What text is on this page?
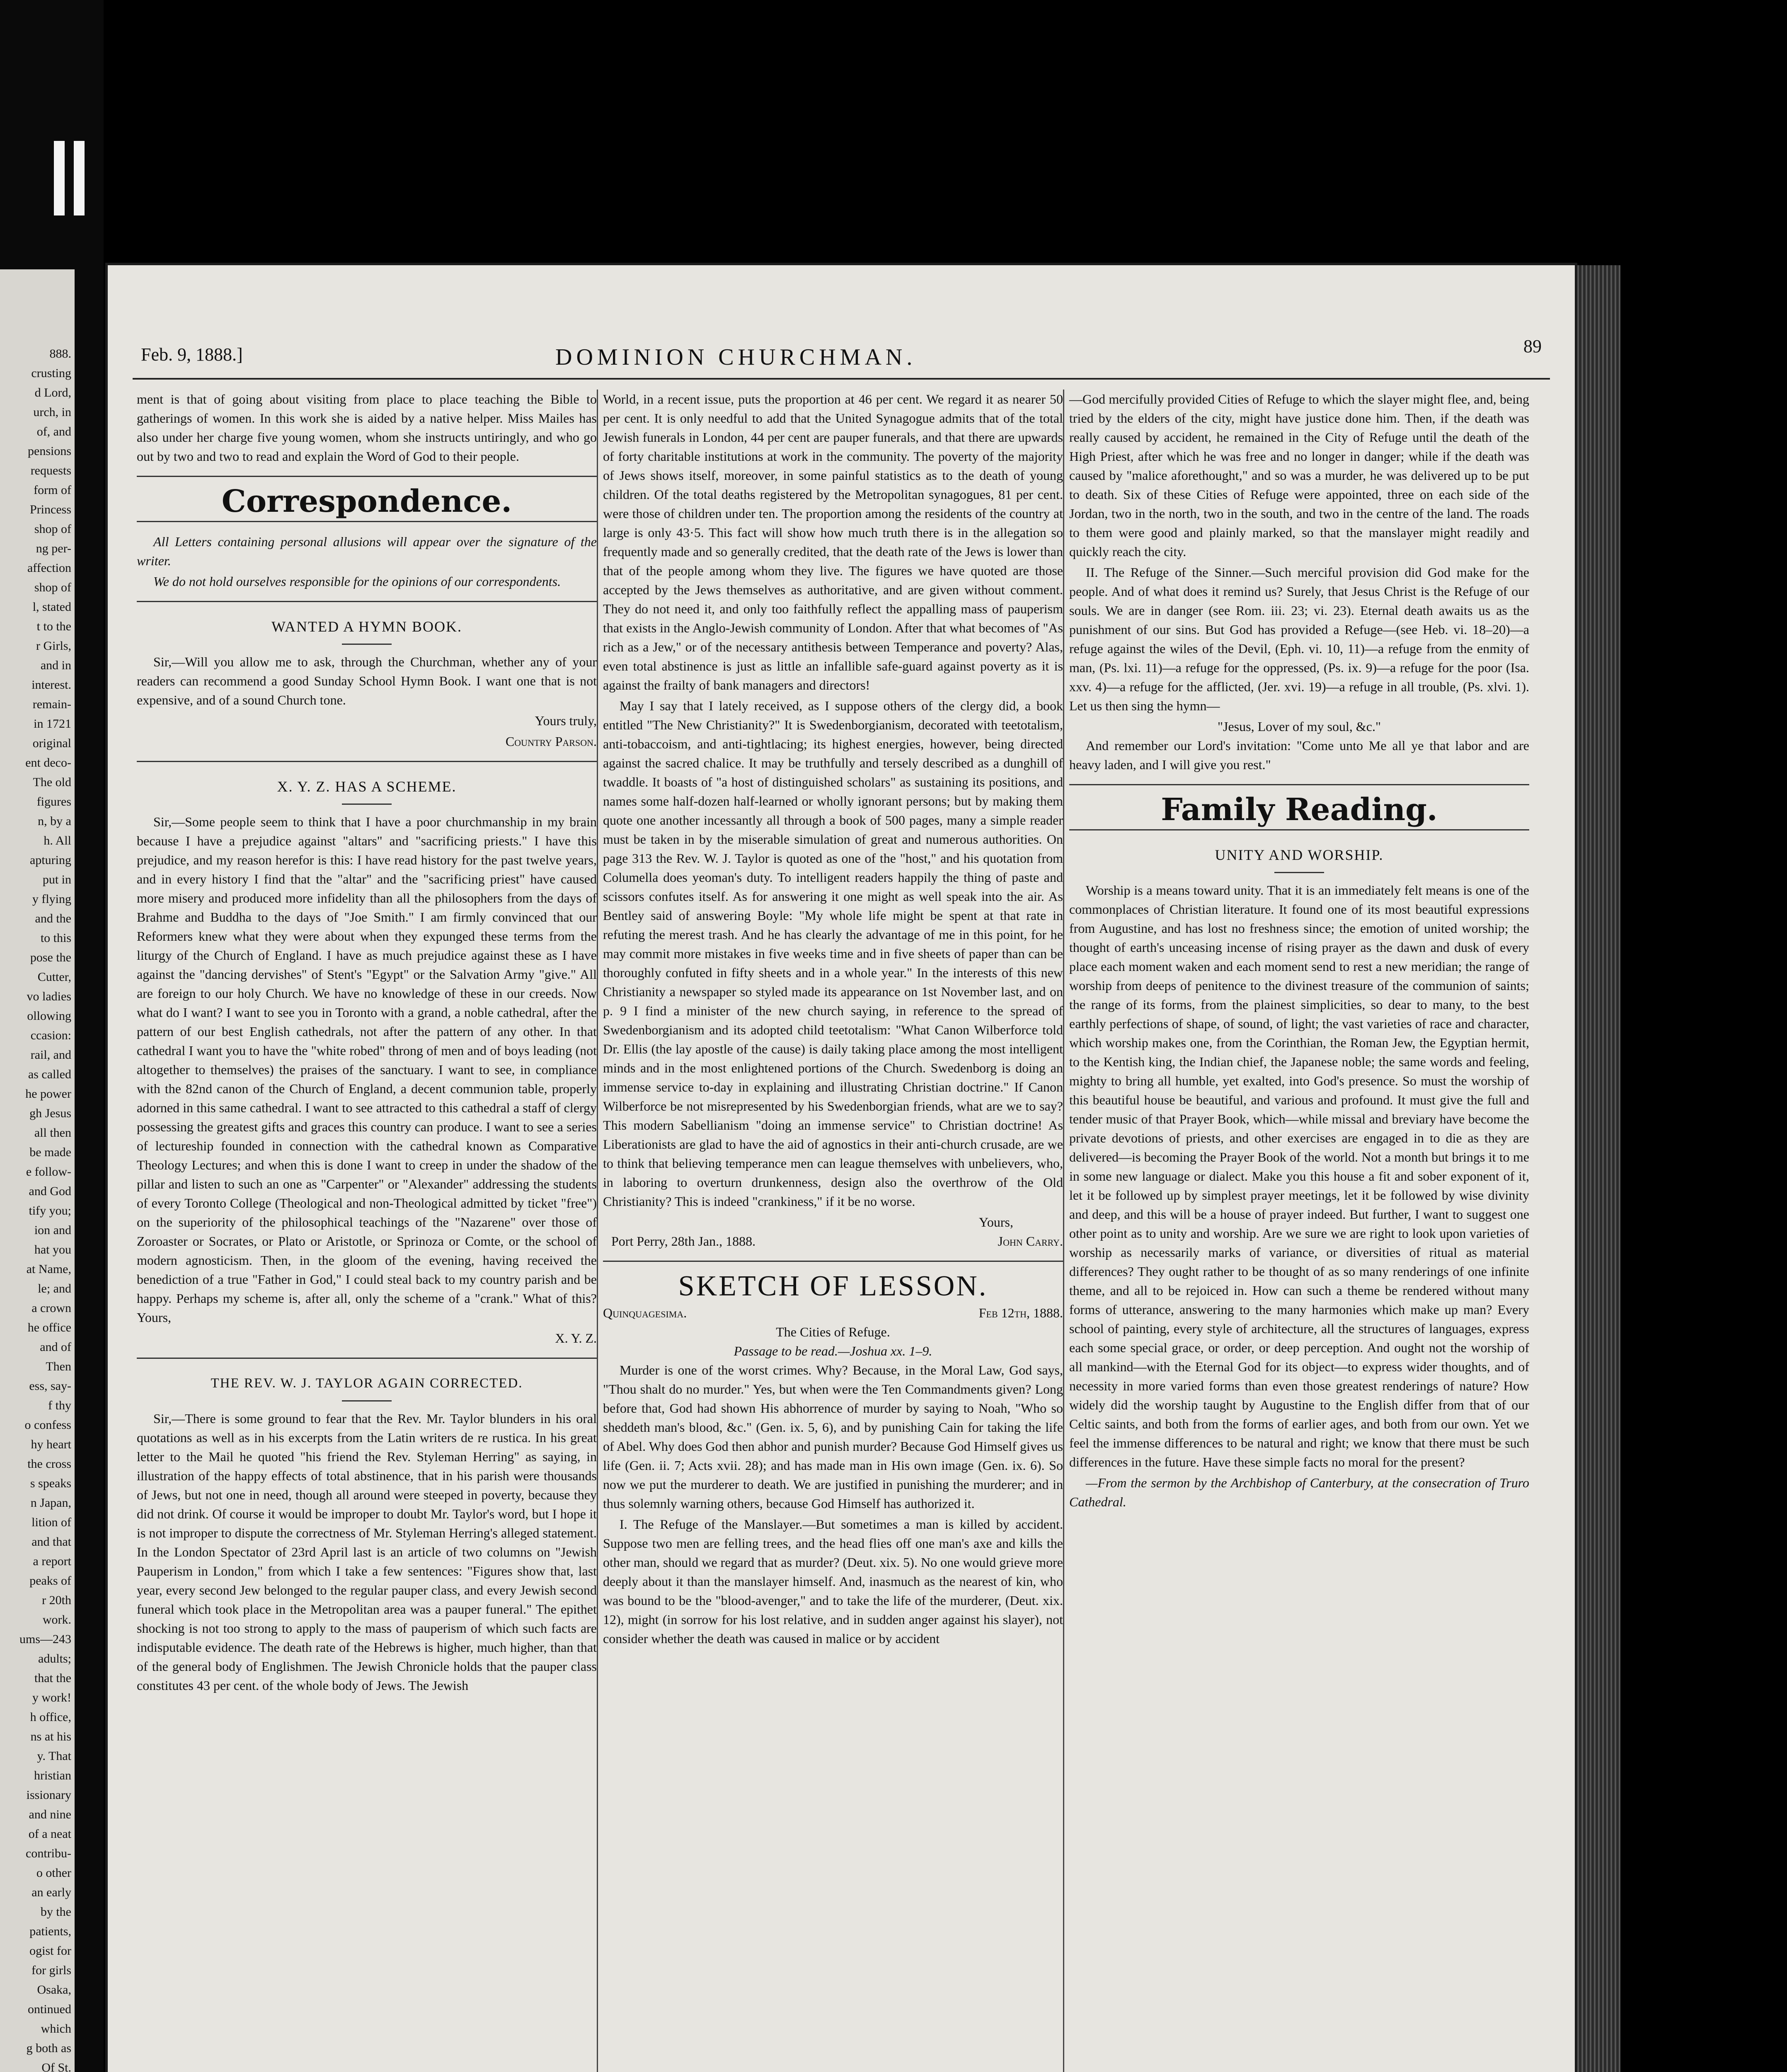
888.
crusting
d Lord,
urch, in
of, and
pensions
requests
form of
Princess
shop of
ng per-
affection
shop of
l, stated
t to the
r Girls,
and in
interest.
remain-
in 1721
original
ent deco-
The old
figures
n, by a
h. All
apturing
put in
y flying
and the
to this
pose the
Cutter,
vo ladies
ollowing
ccasion:
rail, and
as called
he power
gh Jesus
all then
be made
e follow-
and God
tify you;
ion and
hat you
at Name,
le; and
a crown
he office
and of
Then
ess, say-
f thy
o confess
hy heart
the cross
s speaks
n Japan,
lition of
and that
a report
peaks of
r 20th
work.
ums—243
adults;
that the
y work!
h office,
ns at his
y. That
hristian
issionary
and nine
of a neat
contribu-
o other
an early
by the
patients,
ogist for
for girls
Osaka,
ontinued
which
g both as
Of St.
Feb. 9, 1888.]	DOMINION CHURCHMAN.	89

ment is that of going about visiting from place to place teaching the Bible to gatherings of women. In this work she is aided by a native helper. Miss Mailes has also under her charge five young women, whom she instructs untiringly, and who go out by two and two to read and explain the Word of God to their people.

Correspondence.

All Letters containing personal allusions will appear over the signature of the writer.

We do not hold ourselves responsible for the opinions of our correspondents.

WANTED A HYMN BOOK.

Sir,—Will you allow me to ask, through the Churchman, whether any of your readers can recommend a good Sunday School Hymn Book. I want one that is not expensive, and of a sound Church tone.

Yours truly,
Country Parson.
X. Y. Z. HAS A SCHEME.

Sir,—Some people seem to think that I have a poor churchmanship in my brain because I have a prejudice against "altars" and "sacrificing priests." I have this prejudice, and my reason herefor is this: I have read history for the past twelve years, and in every history I find that the "altar" and the "sacrificing priest" have caused more misery and produced more infidelity than all the philosophers from the days of Brahme and Buddha to the days of "Joe Smith." I am firmly convinced that our Reformers knew what they were about when they expunged these terms from the liturgy of the Church of England. I have as much prejudice against these as I have against the "dancing dervishes" of Stent's "Egypt" or the Salvation Army "give." All are foreign to our holy Church. We have no knowledge of these in our creeds. Now what do I want? I want to see you in Toronto with a grand, a noble cathedral, after the pattern of our best English cathedrals, not after the pattern of any other. In that cathedral I want you to have the "white robed" throng of men and of boys leading (not altogether to themselves) the praises of the sanctuary. I want to see, in compliance with the 82nd canon of the Church of England, a decent communion table, properly adorned in this same cathedral. I want to see attracted to this cathedral a staff of clergy possessing the greatest gifts and graces this country can produce. I want to see a series of lectureship founded in connection with the cathedral known as Comparative Theology Lectures; and when this is done I want to creep in under the shadow of the pillar and listen to such an one as "Carpenter" or "Alexander" addressing the students of every Toronto College (Theological and non-Theological admitted by ticket "free") on the superiority of the philosophical teachings of the "Nazarene" over those of Zoroaster or Socrates, or Plato or Aristotle, or Sprinoza or Comte, or the school of modern agnosticism. Then, in the gloom of the evening, having received the benediction of a true "Father in God," I could steal back to my country parish and be happy. Perhaps my scheme is, after all, only the scheme of a "crank." What of this? Yours,

X. Y. Z.
THE REV. W. J. TAYLOR AGAIN CORRECTED.

Sir,—There is some ground to fear that the Rev. Mr. Taylor blunders in his oral quotations as well as in his excerpts from the Latin writers de re rustica. In his great letter to the Mail he quoted "his friend the Rev. Styleman Herring" as saying, in illustration of the happy effects of total abstinence, that in his parish were thousands of Jews, but not one in need, though all around were steeped in poverty, because they did not drink. Of course it would be improper to doubt Mr. Taylor's word, but I hope it is not improper to dispute the correctness of Mr. Styleman Herring's alleged statement. In the London Spectator of 23rd April last is an article of two columns on "Jewish Pauperism in London," from which I take a few sentences: "Figures show that, last year, every second Jew belonged to the regular pauper class, and every Jewish second funeral which took place in the Metropolitan area was a pauper funeral." The epithet shocking is not too strong to apply to the mass of pauperism of which such facts are indisputable evidence. The death rate of the Hebrews is higher, much higher, than that of the general body of Englishmen. The Jewish Chronicle holds that the pauper class constitutes 43 per cent. of the whole body of Jews. The Jewish

World, in a recent issue, puts the proportion at 46 per cent. We regard it as nearer 50 per cent. It is only needful to add that the United Synagogue admits that of the total Jewish funerals in London, 44 per cent are pauper funerals, and that there are upwards of forty charitable institutions at work in the community. The poverty of the majority of Jews shows itself, moreover, in some painful statistics as to the death of young children. Of the total deaths registered by the Metropolitan synagogues, 81 per cent. were those of children under ten. The proportion among the residents of the country at large is only 43·5. This fact will show how much truth there is in the allegation so frequently made and so generally credited, that the death rate of the Jews is lower than that of the people among whom they live. The figures we have quoted are those accepted by the Jews themselves as authoritative, and are given without comment. They do not need it, and only too faithfully reflect the appalling mass of pauperism that exists in the Anglo-Jewish community of London. After that what becomes of "As rich as a Jew," or of the necessary antithesis between Temperance and poverty? Alas, even total abstinence is just as little an infallible safe-guard against poverty as it is against the frailty of bank managers and directors!

May I say that I lately received, as I suppose others of the clergy did, a book entitled "The New Christianity?" It is Swedenborgianism, decorated with teetotalism, anti-tobaccoism, and anti-tightlacing; its highest energies, however, being directed against the sacred chalice. It may be truthfully and tersely described as a dunghill of twaddle. It boasts of "a host of distinguished scholars" as sustaining its positions, and names some half-dozen half-learned or wholly ignorant persons; but by making them quote one another incessantly all through a book of 500 pages, many a simple reader must be taken in by the miserable simulation of great and numerous authorities. On page 313 the Rev. W. J. Taylor is quoted as one of the "host," and his quotation from Columella does yeoman's duty. To intelligent readers happily the thing of paste and scissors confutes itself. As for answering it one might as well speak into the air. As Bentley said of answering Boyle: "My whole life might be spent at that rate in refuting the merest trash. And he has clearly the advantage of me in this point, for he may commit more mistakes in five weeks time and in five sheets of paper than can be thoroughly confuted in fifty sheets and in a whole year." In the interests of this new Christianity a newspaper so styled made its appearance on 1st November last, and on p. 9 I find a minister of the new church saying, in reference to the spread of Swedenborgianism and its adopted child teetotalism: "What Canon Wilberforce told Dr. Ellis (the lay apostle of the cause) is daily taking place among the most intelligent minds and in the most enlightened portions of the Church. Swedenborg is doing an immense service to-day in explaining and illustrating Christian doctrine." If Canon Wilberforce be not misrepresented by his Swedenborgian friends, what are we to say? This modern Sabellianism "doing an immense service" to Christian doctrine! As Liberationists are glad to have the aid of agnostics in their anti-church crusade, are we to think that believing temperance men can league themselves with unbelievers, who, in laboring to overturn drunkenness, design also the overthrow of the Old Christianity? This is indeed "crankiness," if it be no worse.

Yours,
Port Perry, 28th Jan., 1888.	John Carry.
SKETCH OF LESSON.
Quinquagesima.	Feb 12th, 1888.
The Cities of Refuge.
Passage to be read.—Joshua xx. 1–9.

Murder is one of the worst crimes. Why? Because, in the Moral Law, God says, "Thou shalt do no murder." Yes, but when were the Ten Commandments given? Long before that, God had shown His abhorrence of murder by saying to Noah, "Who so sheddeth man's blood, &c." (Gen. ix. 5, 6), and by punishing Cain for taking the life of Abel. Why does God then abhor and punish murder? Because God Himself gives us life (Gen. ii. 7; Acts xvii. 28); and has made man in His own image (Gen. ix. 6). So now we put the murderer to death. We are justified in punishing the murderer; and in thus solemnly warning others, because God Himself has authorized it.

I. The Refuge of the Manslayer.—But sometimes a man is killed by accident. Suppose two men are felling trees, and the head flies off one man's axe and kills the other man, should we regard that as murder? (Deut. xix. 5). No one would grieve more deeply about it than the manslayer himself. And, inasmuch as the nearest of kin, who was bound to be the "blood-avenger," and to take the life of the murderer, (Deut. xix. 12), might (in sorrow for his lost relative, and in sudden anger against his slayer), not consider whether the death was caused in malice or by accident

—God mercifully provided Cities of Refuge to which the slayer might flee, and, being tried by the elders of the city, might have justice done him. Then, if the death was really caused by accident, he remained in the City of Refuge until the death of the High Priest, after which he was free and no longer in danger; while if the death was caused by "malice aforethought," and so was a murder, he was delivered up to be put to death. Six of these Cities of Refuge were appointed, three on each side of the Jordan, two in the north, two in the south, and two in the centre of the land. The roads to them were good and plainly marked, so that the manslayer might readily and quickly reach the city.

II. The Refuge of the Sinner.—Such merciful provision did God make for the people. And of what does it remind us? Surely, that Jesus Christ is the Refuge of our souls. We are in danger (see Rom. iii. 23; vi. 23). Eternal death awaits us as the punishment of our sins. But God has provided a Refuge—(see Heb. vi. 18–20)—a refuge against the wiles of the Devil, (Eph. vi. 10, 11)—a refuge from the enmity of man, (Ps. lxi. 11)—a refuge for the oppressed, (Ps. ix. 9)—a refuge for the poor (Isa. xxv. 4)—a refuge for the afflicted, (Jer. xvi. 19)—a refuge in all trouble, (Ps. xlvi. 1). Let us then sing the hymn—

"Jesus, Lover of my soul, &c."

And remember our Lord's invitation: "Come unto Me all ye that labor and are heavy laden, and I will give you rest."

Family Reading.
UNITY AND WORSHIP.

Worship is a means toward unity. That it is an immediately felt means is one of the commonplaces of Christian literature. It found one of its most beautiful expressions from Augustine, and has lost no freshness since; the emotion of united worship; the thought of earth's unceasing incense of rising prayer as the dawn and dusk of every place each moment waken and each moment send to rest a new meridian; the range of worship from deeps of penitence to the divinest treasure of the communion of saints; the range of its forms, from the plainest simplicities, so dear to many, to the best earthly perfections of shape, of sound, of light; the vast varieties of race and character, which worship makes one, from the Corinthian, the Roman Jew, the Egyptian hermit, to the Kentish king, the Indian chief, the Japanese noble; the same words and feeling, mighty to bring all humble, yet exalted, into God's presence. So must the worship of this beautiful house be beautiful, and various and profound. It must give the full and tender music of that Prayer Book, which—while missal and breviary have become the private devotions of priests, and other exercises are engaged in to die as they are delivered—is becoming the Prayer Book of the world. Not a month but brings it to me in some new language or dialect. Make you this house a fit and sober exponent of it, let it be followed up by simplest prayer meetings, let it be followed by wise divinity and deep, and this will be a house of prayer indeed. But further, I want to suggest one other point as to unity and worship. Are we sure we are right to look upon varieties of worship as necessarily marks of variance, or diversities of ritual as material differences? They ought rather to be thought of as so many renderings of one infinite theme, and all to be rejoiced in. How can such a theme be rendered without many forms of utterance, answering to the many harmonies which make up man? Every school of painting, every style of architecture, all the structures of languages, express each some special grace, or order, or deep perception. And ought not the worship of all mankind—with the Eternal God for its object—to express wider thoughts, and of necessity in more varied forms than even those greatest renderings of nature? How widely did the worship taught by Augustine to the English differ from that of our Celtic saints, and both from the forms of earlier ages, and both from our own. Yet we feel the immense differences to be natural and right; we know that there must be such differences in the future. Have these simple facts no moral for the present?

—From the sermon by the Archbishop of Canterbury, at the consecration of Truro Cathedral.
